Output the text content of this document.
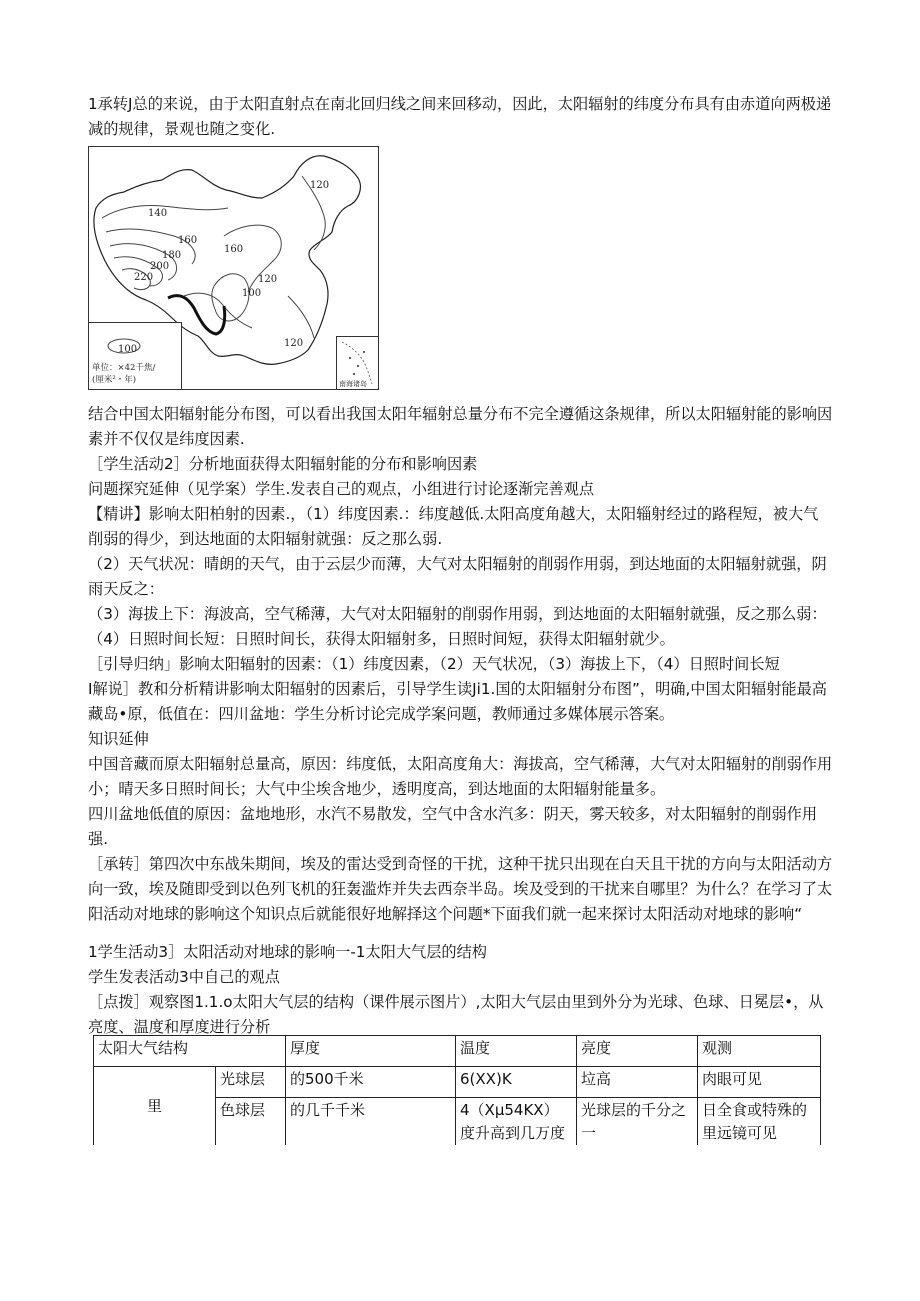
1承转J总的来说，由于太阳直射点在南北回归线之间来回移动，因此，太阳辐射的纬度分布具有由赤道向两极递减的规律，景观也随之变化.

120
140
160
160
180
200
220	120
100
120
100
单位：×42千焦/
(厘米²・年)	南海诸岛

结合中国太阳辐射能分布图，可以看出我国太阳年辐射总量分布不完全遵循这条规律，所以太阳辐射能的影响因素并不仅仅是纬度因素.

［学生活动2］分析地面获得太阳辐射能的分布和影响因素

问题探究延伸（见学案）学生.发表自己的观点，小组进行讨论逐渐完善观点

【精讲】影响太阳柏射的因素.，（1）纬度因素.：纬度越低.太阳高度角越大，太阳辎射经过的路程短，被大气削弱的得少，到达地面的太阳辐射就强：反之那么弱.

（2）天气状况：晴朗的天气，由于云层少而薄，大气对太阳辐射的削弱作用弱，到达地面的太阳辐射就强，阴雨天反之：

（3）海拔上下：海波高，空气稀薄，大气对太阳辐射的削弱作用弱，到达地面的太阳辐射就强，反之那么弱：

（4）日照时间长短：日照时间长，获得太阳辐射多，日照时间短，获得太阳辐射就少。

［引导归纳」影响太阳辐射的因素：（1）纬度因素，（2）天气状况，（3）海拔上下，（4）日照时间长短

I解说］教和分析精讲影响太阳辐射的因素后，引导学生读Ji1.国的太阳辐射分布图”，明确,中国太阳辐射能最高藏岛•原，低值在：四川盆地：学生分析讨论完成学案问题，教师通过多媒体展示答案。

知识延伸

中国音藏而原太阳辐射总量高，原因：纬度低，太阳高度角大：海拔高，空气稀薄，大气对太阳辐射的削弱作用小；晴天多日照时间长；大气中尘埃含地少，透明度高，到达地面的太阳辐射能量多。

四川盆地低值的原因：盆地地形，水汽不易散发，空气中含水汽多：阴天，雾天较多，对太阳辐射的削弱作用强.

［承转］第四次中东战朱期间，埃及的雷达受到奇怪的干扰，这种干扰只出现在白天且干扰的方向与太阳活动方向一致，埃及随即受到以色列飞机的狂轰滥炸并失去西奈半岛。埃及受到的干扰来自哪里？为什么？在学习了太阳活动对地球的影响这个知识点后就能很好地解择这个问题*下面我们就一起来探讨太阳活动对地球的影响“

1学生活动3］太阳活动对地球的影响一-1太阳大气层的结构

学生发表活动3中自己的观点

［点拨］观察图1.1.o太阳大气层的结构（课件展示图片）,太阳大气层由里到外分为光球、色球、日冕层•，从亮度、温度和厚度进行分析

太阳大气结构		厚度	温度	亮度	观测
里	光球层	的500千米	6(XX)K	垃高	肉眼可见
	色球层	的几千千米	4（Xµ54KX）度升高到几万度	光球层的千分之一	日全食或特殊的里远镜可见
